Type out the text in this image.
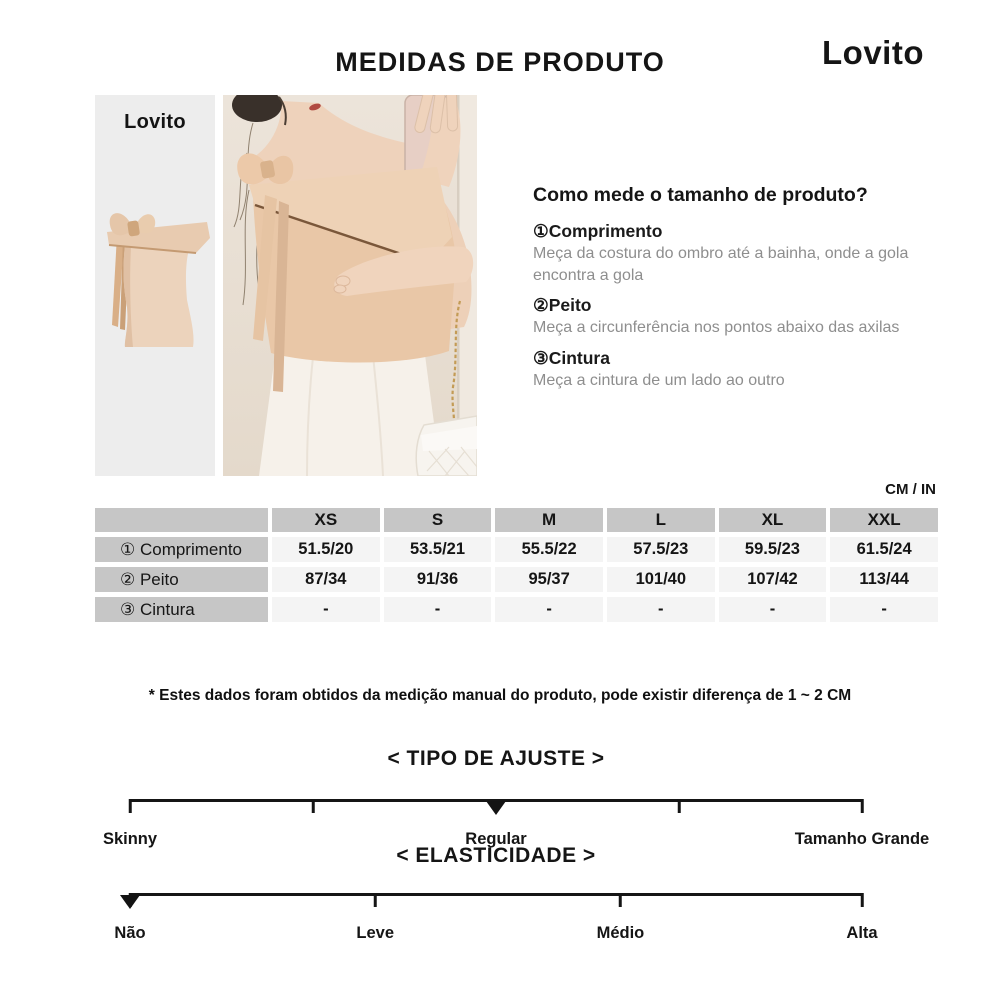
MEDIDAS DE PRODUTO	Lovito
Lovito
Como mede o tamanho de produto?
①Comprimento
Meça da costura do ombro até a bainha, onde a gola encontra a gola
②Peito
Meça a circunferência nos pontos abaixo das axilas
③Cintura
Meça a cintura de um lado ao outro
CM / IN
	XS	S	M	L	XL	XXL
① Comprimento	51.5/20	53.5/21	55.5/22	57.5/23	59.5/23	61.5/24
② Peito	87/34	91/36	95/37	101/40	107/42	113/44
③ Cintura	-	-	-	-	-	-
* Estes dados foram obtidos da medição manual do produto, pode existir diferença de 1 ~ 2 CM
< TIPO DE AJUSTE >
Skinny	Regular	Tamanho Grande
< ELASTICIDADE >
Não	Leve	Médio	Alta
